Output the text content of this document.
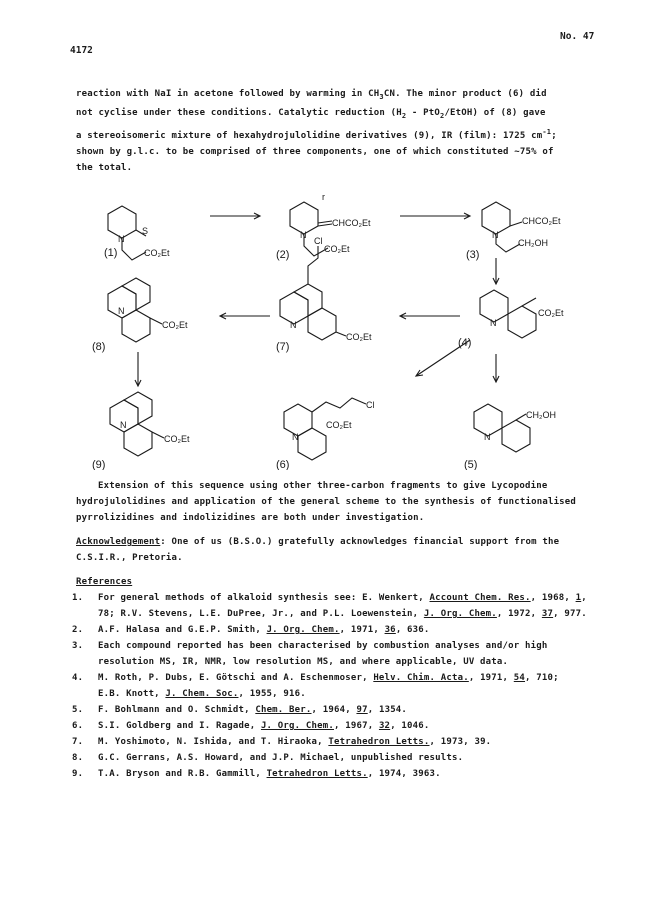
4172
No. 47
reaction with NaI in acetone followed by warming in $CH_3CN$. The minor product (6) did
not cyclise under these conditions. Catalytic reduction ($H_2$ - PtO$_2$/EtOH) of (8) gave
a stereoisomeric mixture of hexahydrojulolidine derivatives (9), IR (film): 1725 $cm^{-1}$;
shown by g.l.c. to be comprised of three components, one of which constituted ~75% of
the total.
S
N
CO₂Et
N
r
CHCO₂Et
CO₂Et
N
CHCO₂Et
CH₂OH
N
CO₂Et
Cl
N
CO₂Et
N
CO₂Et
N
CO₂Et	N
Cl
CO₂Et
N
CH₂OH
(1)	(2)	(3)
(4)
(5)
(6)
(7)
(8)
(9)
Extension of this sequence using other three-carbon fragments to give Lycopodine
hydrojulolidines and application of the general scheme to the synthesis of functionalised
pyrrolizidines and indolizidines are both under investigation.
Acknowledgement: One of us (B.S.O.) gratefully acknowledges financial support from the
C.S.I.R., Pretoria.
References
1. For general methods of alkaloid synthesis see: E. Wenkert, Account Chem. Res., 1968, 1,
78; R.V. Stevens, L.E. DuPree, Jr., and P.L. Loewenstein, J. Org. Chem., 1972, 37, 977.
2. A.F. Halasa and G.E.P. Smith, J. Org. Chem., 1971, 36, 636.
3. Each compound reported has been characterised by combustion analyses and/or high
resolution MS, IR, NMR, low resolution MS, and where applicable, UV data.
4. M. Roth, P. Dubs, E. Götschi and A. Eschenmoser, Helv. Chim. Acta., 1971, 54, 710;
E.B. Knott, J. Chem. Soc., 1955, 916.
5. F. Bohlmann and O. Schmidt, Chem. Ber., 1964, 97, 1354.
6. S.I. Goldberg and I. Ragade, J. Org. Chem., 1967, 32, 1046.
7. M. Yoshimoto, N. Ishida, and T. Hiraoka, Tetrahedron Letts., 1973, 39.
8. G.C. Gerrans, A.S. Howard, and J.P. Michael, unpublished results.
9. T.A. Bryson and R.B. Gammill, Tetrahedron Letts., 1974, 3963.
